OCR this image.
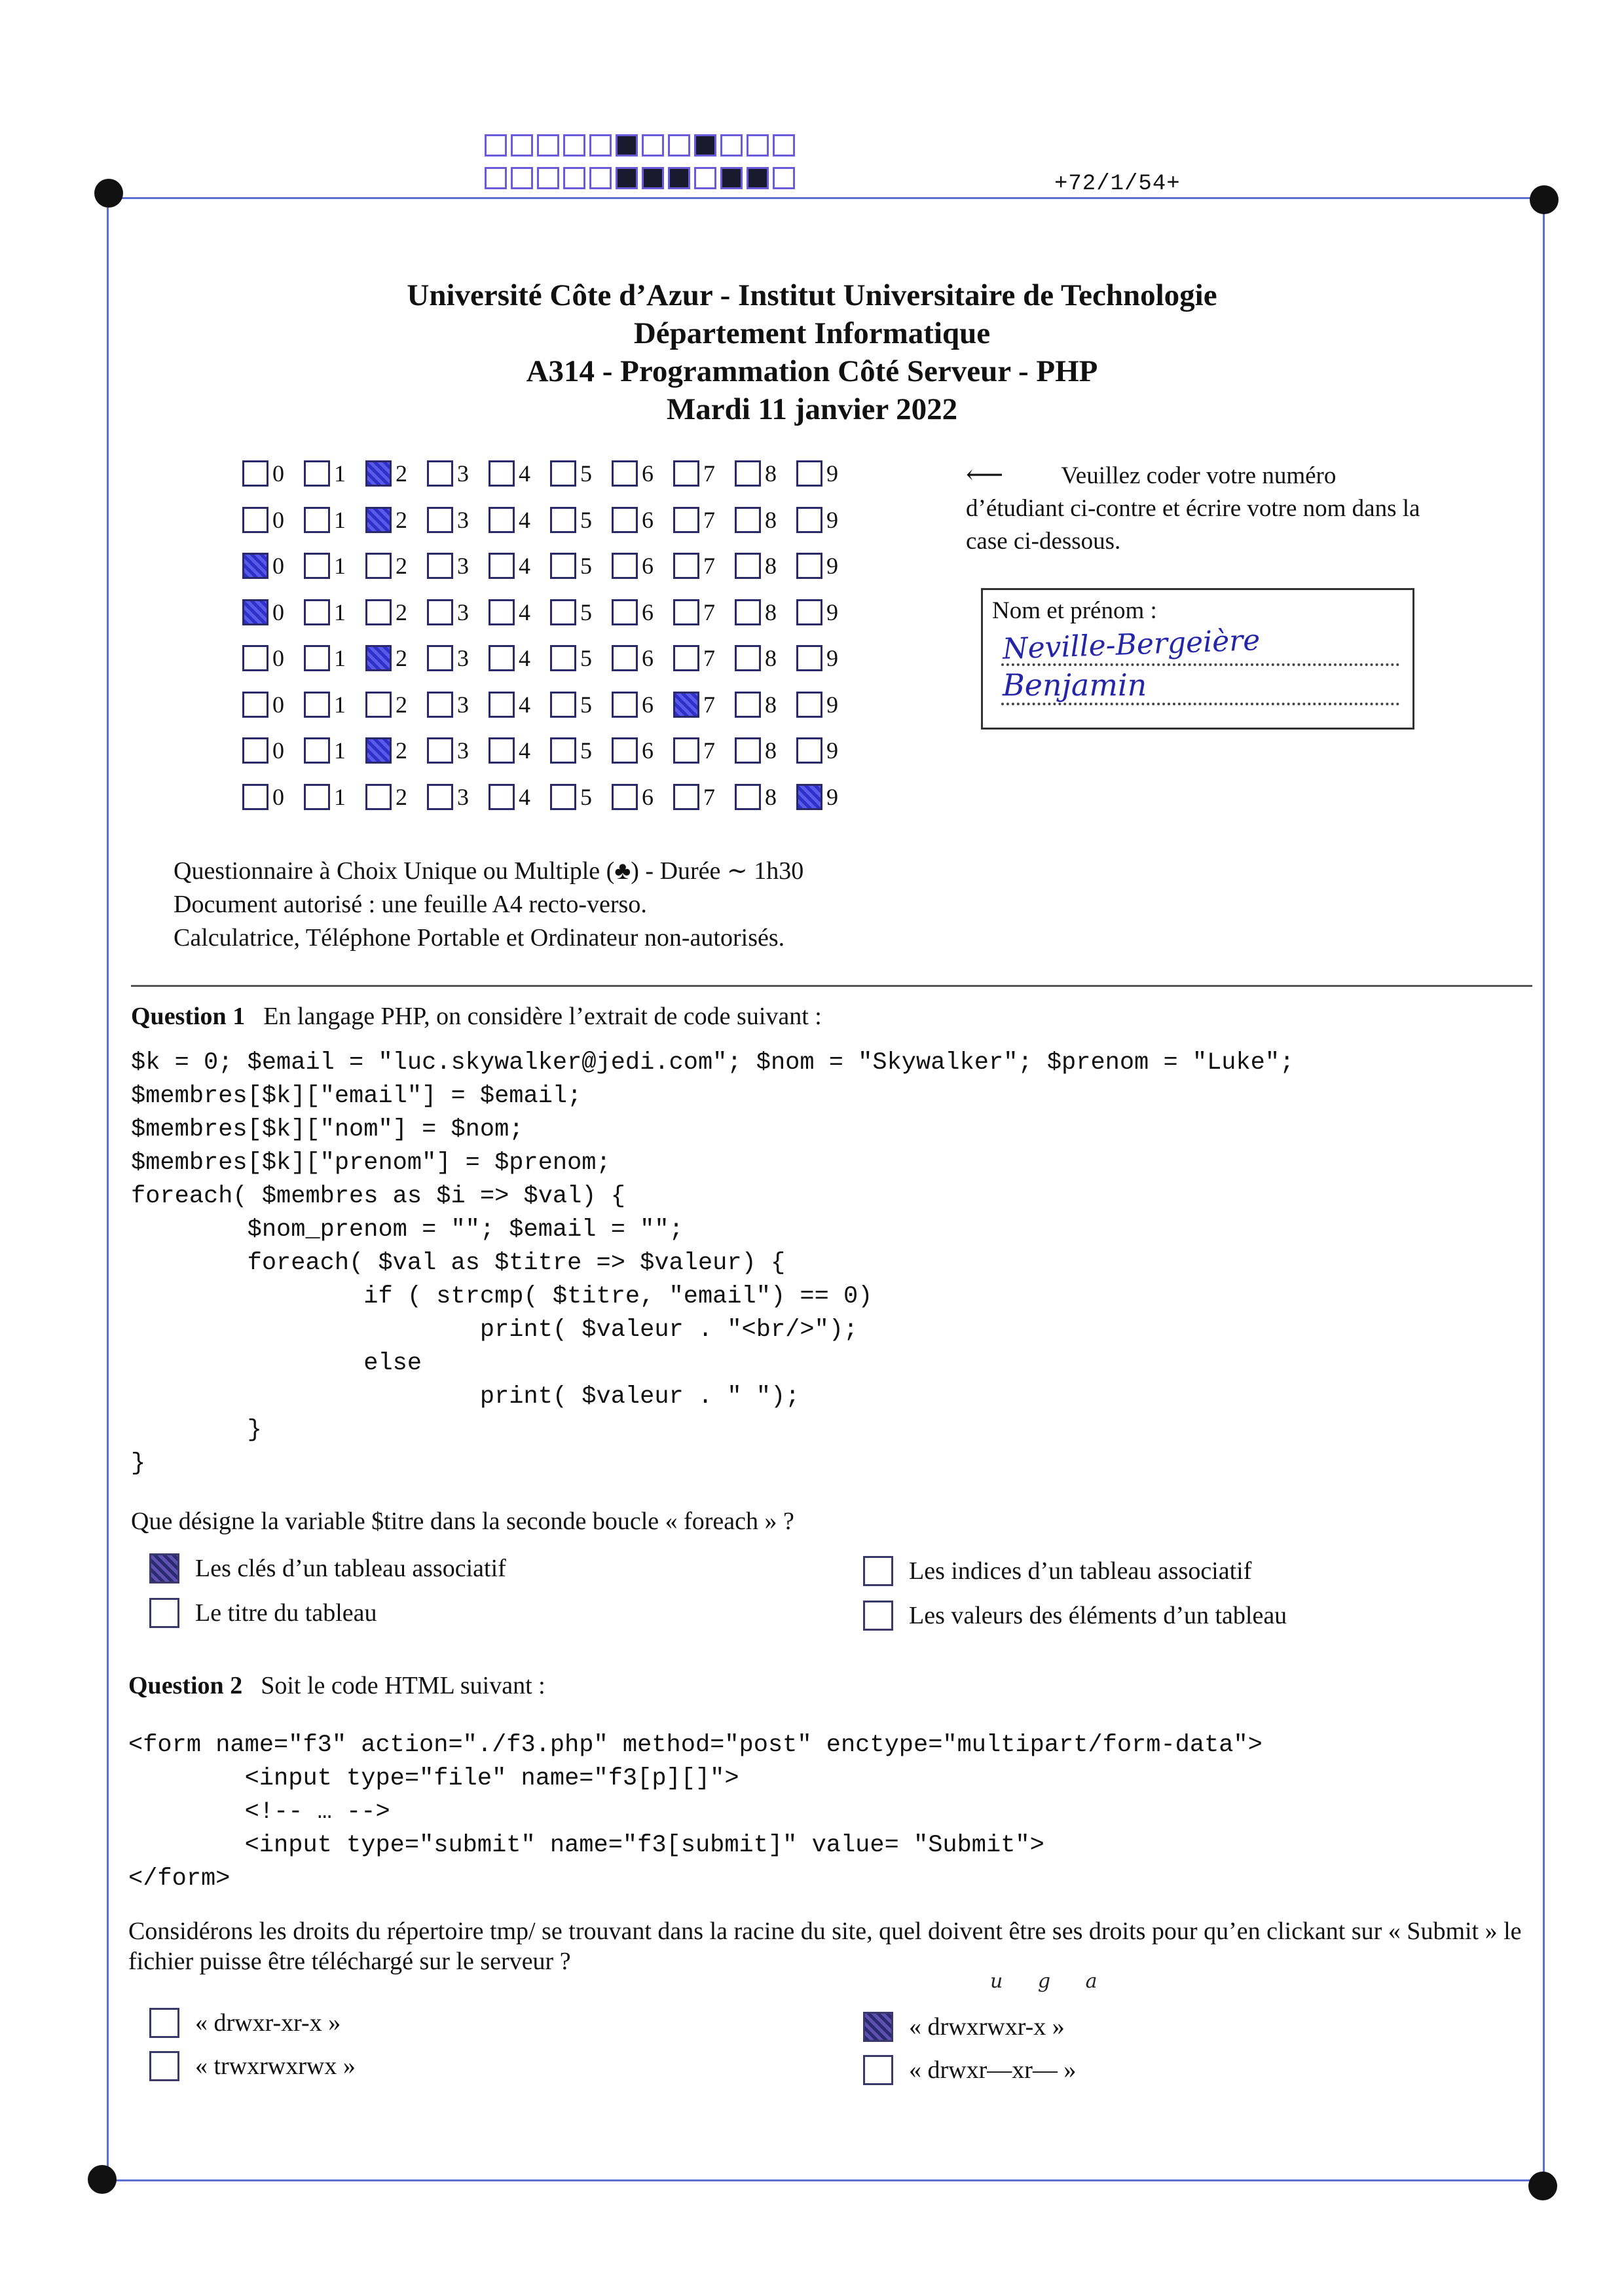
+72/1/54+
Université Côte d’Azur - Institut Universitaire de Technologie
Département Informatique
A314 - Programmation Côté Serveur - PHP
Mardi 11 janvier 2022
0 1 2 3 4 5 6 7 8 9
0 1 2 3 4 5 6 7 8 9
0 1 2 3 4 5 6 7 8 9
0 1 2 3 4 5 6 7 8 9
0 1 2 3 4 5 6 7 8 9
0 1 2 3 4 5 6 7 8 9
0 1 2 3 4 5 6 7 8 9
0 1 2 3 4 5 6 7 8 9
⟵ Veuillez coder votre numéro d’étudiant ci-contre et écrire votre nom dans la case ci-dessous.
Nom et prénom :
Neville-Bergeière
Benjamin
Questionnaire à Choix Unique ou Multiple (♣) - Durée ∼ 1h30
Document autorisé : une feuille A4 recto-verso.
Calculatrice, Téléphone Portable et Ordinateur non-autorisés.
Question 1 En langage PHP, on considère l’extrait de code suivant :
$k = 0; $email = "luc.skywalker@jedi.com"; $nom = "Skywalker"; $prenom = "Luke";
$membres[$k]["email"] = $email;
$membres[$k]["nom"] = $nom;
$membres[$k]["prenom"] = $prenom;
foreach( $membres as $i => $val) {
$nom_prenom = ""; $email = "";
foreach( $val as $titre => $valeur) {
if ( strcmp( $titre, "email") == 0)
print( $valeur . "<br/>");
else
print( $valeur . " ");
}
}
Que désigne la variable $titre dans la seconde boucle « foreach » ?
Les clés d’un tableau associatif
Le titre du tableau
Les indices d’un tableau associatif
Les valeurs des éléments d’un tableau
Question 2 Soit le code HTML suivant :
<form name="f3" action="./f3.php" method="post" enctype="multipart/form-data">
<input type="file" name="f3[p][]">
<!-- … -->
<input type="submit" name="f3[submit]" value= "Submit">
</form>
Considérons les droits du répertoire tmp/ se trouvant dans la racine du site, quel doivent être ses droits pour qu’en clickant sur « Submit » le fichier puisse être téléchargé sur le serveur ?
u g a
« drwxr-xr-x »
« trwxrwxrwx »
« drwxrwxr-x »
« drwxr—xr— »
